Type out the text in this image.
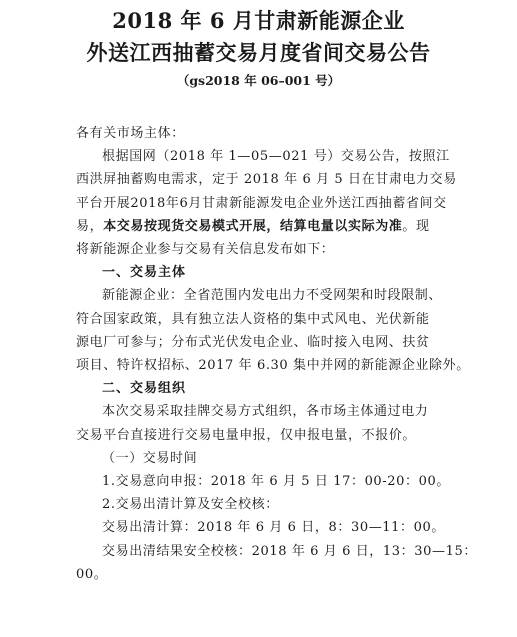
2018 年 6 月甘肃新能源企业
外送江西抽蓄交易月度省间交易公告
（gs2018 年 06–001 号）

各有关市场主体：

根据国网（2018 年 1—05—021 号）交易公告，按照江

西洪屏抽蓄购电需求，定于 2018 年 6 月 5 日在甘肃电力交易

平台开展2018年6月甘肃新能源发电企业外送江西抽蓄省间交

易，本交易按现货交易模式开展，结算电量以实际为准。现

将新能源企业参与交易有关信息发布如下：

一、交易主体

新能源企业：全省范围内发电出力不受网架和时段限制、

符合国家政策，具有独立法人资格的集中式风电、光伏新能

源电厂可参与；分布式光伏发电企业、临时接入电网、扶贫

项目、特许权招标、2017 年 6.30 集中并网的新能源企业除外。

二、交易组织

本次交易采取挂牌交易方式组织，各市场主体通过电力

交易平台直接进行交易电量申报，仅申报电量，不报价。

（一）交易时间

1.交易意向申报：2018 年 6 月 5 日 17：00-20：00。

2.交易出清计算及安全校核：

交易出清计算：2018 年 6 月 6 日，8：30—11：00。

交易出清结果安全校核：2018 年 6 月 6 日，13：30—15：

00。
